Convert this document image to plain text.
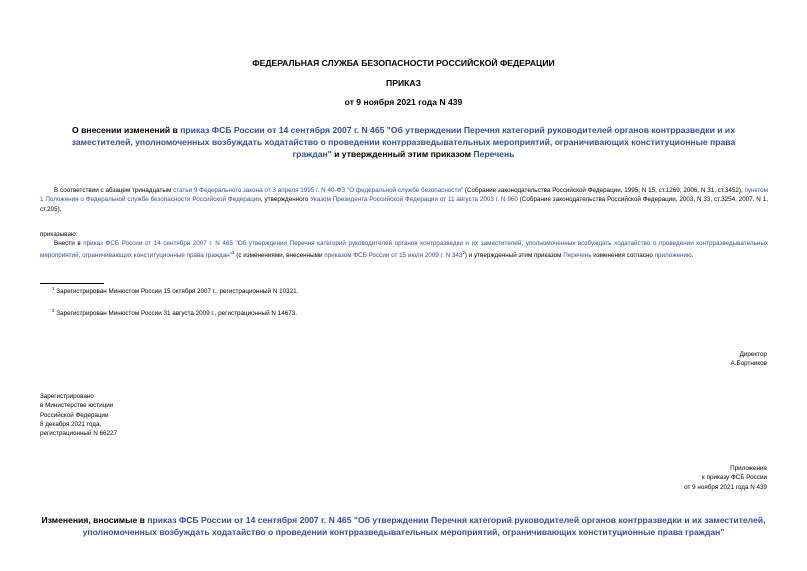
ФЕДЕРАЛЬНАЯ СЛУЖБА БЕЗОПАСНОСТИ РОССИЙСКОЙ ФЕДЕРАЦИИ
ПРИКАЗ
от 9 ноября 2021 года N 439
О внесении изменений в приказ ФСБ России от 14 сентября 2007 г. N 465 "Об утверждении Перечня категорий руководителей органов контрразведки и их заместителей, уполномоченных возбуждать ходатайство о проведении контрразведывательных мероприятий, ограничивающих конституционные права граждан" и утвержденный этим приказом Перечень
В соответствии с абзацем тринадцатым статьи 9 Федерального закона от 3 апреля 1995 г. N 40-ФЗ "О федеральной службе безопасности" (Собрание законодательства Российской Федерации, 1995, N 15, ст.1269; 2006, N 31, ст.3452), пунктом 1 Положения о Федеральной службе безопасности Российской Федерации, утвержденного Указом Президента Российской Федерации от 11 августа 2003 г. N 960 (Собрание законодательства Российской Федерации, 2003, N 33, ст.3254, 2007, N 1, ст.205),
приказываю:
Внести в приказ ФСБ России от 14 сентября 2007 г. N 465 "Об утверждении Перечня категорий руководителей органов контрразведки и их заместителей, уполномоченных возбуждать ходатайство о проведении контрразведывательных мероприятий, ограничивающих конституционные права граждан"$^1$ (с изменениями, внесенными приказом ФСБ России от 15 июля 2009 г. N $343^2$) и утвержденный этим приказом Перечень изменения согласно приложению.
$^1$ Зарегистрирован Минюстом России 15 октября 2007 г., регистрационный N 10321.
$^2$ Зарегистрирован Минюстом России 31 августа 2009 г., регистрационный N 14673.
Директор
А.Бортников
Зарегистрировано
в Министерстве юстиции
Российской Федерации
8 декабря 2021 года,
регистрационный N 66227
Приложение
к приказу ФСБ России
от 9 ноября 2021 года N 439
Изменения, вносимые в приказ ФСБ России от 14 сентября 2007 г. N 465 "Об утверждении Перечня категорий руководителей органов контрразведки и их заместителей, уполномоченных возбуждать ходатайство о проведении контрразведывательных мероприятий, ограничивающих конституционные права граждан"
